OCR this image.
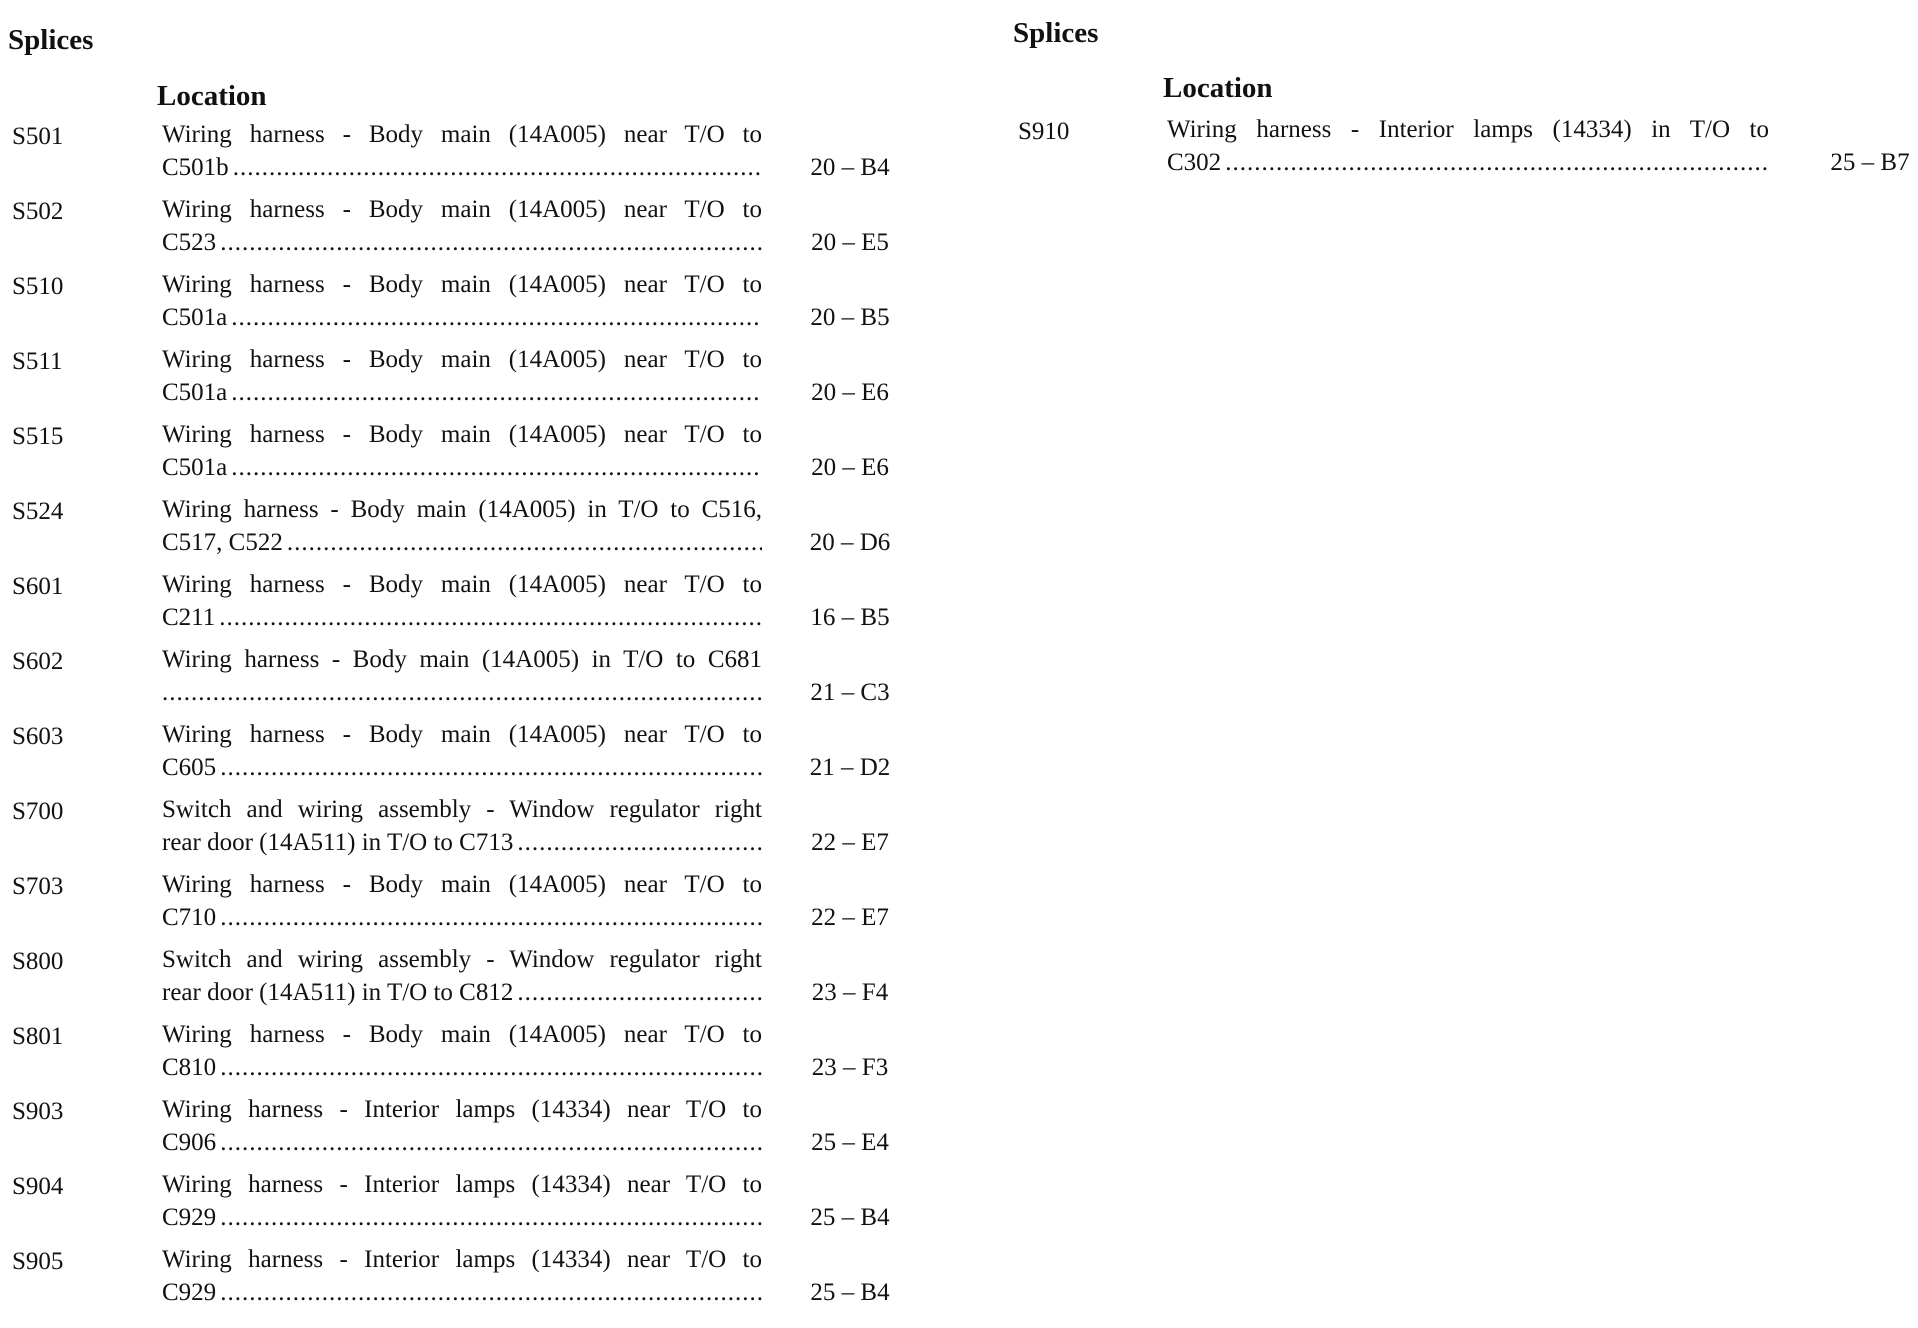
Splices
Location
S501	Wiring harness - Body main (14A005) near T/O to
C501b .....	20 – B4
S502	Wiring harness - Body main (14A005) near T/O to
C523 .....	20 – E5
S510	Wiring harness - Body main (14A005) near T/O to
C501a .....	20 – B5
S511	Wiring harness - Body main (14A005) near T/O to
C501a .....	20 – E6
S515	Wiring harness - Body main (14A005) near T/O to
C501a .....	20 – E6
S524	Wiring harness - Body main (14A005) in T/O to C516,
C517, C522 .....	20 – D6
S601	Wiring harness - Body main (14A005) near T/O to
C211 .....	16 – B5
S602	Wiring harness - Body main (14A005) in T/O to C681
.....
21 – C3
S603	Wiring harness - Body main (14A005) near T/O to
C605 .....	21 – D2
S700	Switch and wiring assembly - Window regulator right
rear door (14A511) in T/O to C713 .....	22 – E7
S703	Wiring harness - Body main (14A005) near T/O to
C710 .....	22 – E7
S800	Switch and wiring assembly - Window regulator right
rear door (14A511) in T/O to C812 .....	23 – F4
S801	Wiring harness - Body main (14A005) near T/O to
C810 .....	23 – F3
S903	Wiring harness - Interior lamps (14334) near T/O to
C906 .....	25 – E4
S904	Wiring harness - Interior lamps (14334) near T/O to
C929 .....	25 – B4
S905	Wiring harness - Interior lamps (14334) near T/O to
C929 .....	25 – B4
Splices
Location
S910	Wiring harness - Interior lamps (14334) in T/O to
C302 .....	25 – B7
